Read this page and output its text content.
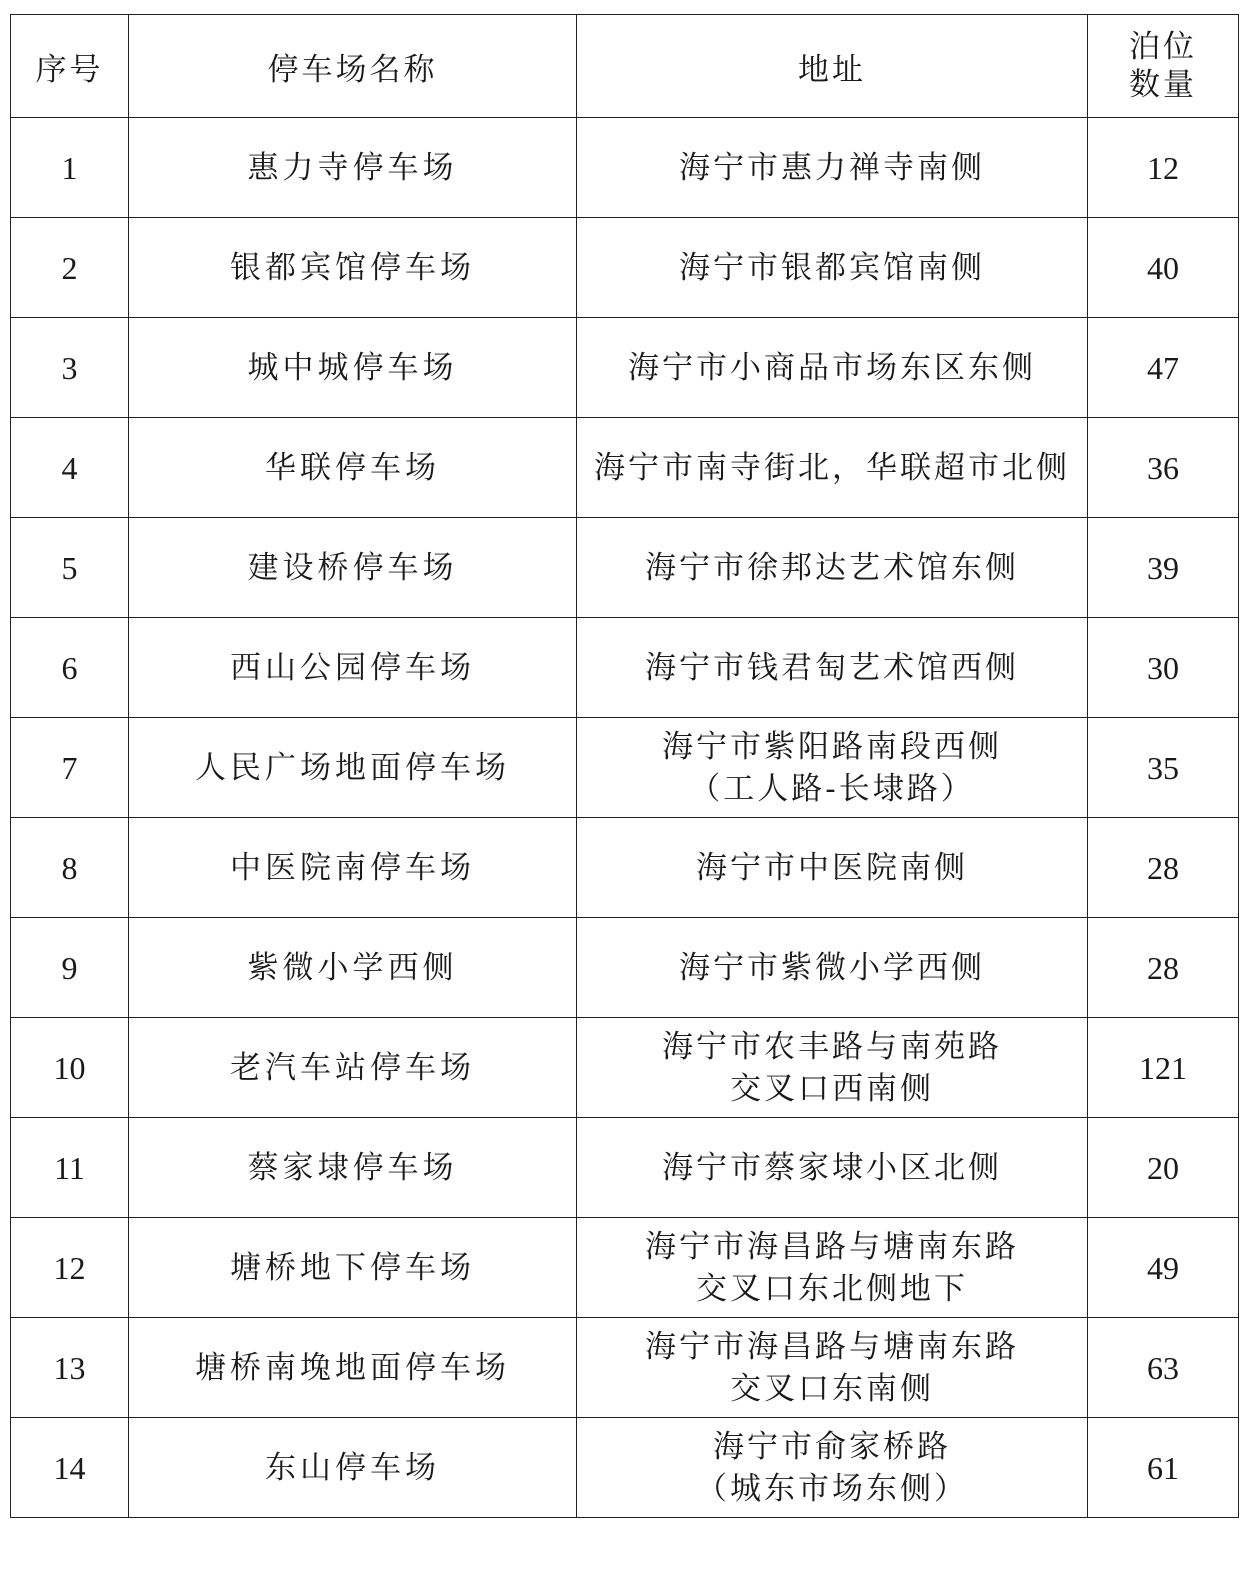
序号	停车场名称	地址	泊位
数量

1	惠力寺停车场	海宁市惠力禅寺南侧	12
2	银都宾馆停车场	海宁市银都宾馆南侧	40
3	城中城停车场	海宁市小商品市场东区东侧	47
4	华联停车场	海宁市南寺街北，华联超市北侧	36
5	建设桥停车场	海宁市徐邦达艺术馆东侧	39
6	西山公园停车场	海宁市钱君匋艺术馆西侧	30
7	人民广场地面停车场	海宁市紫阳路南段西侧
（工人路-长埭路）	35
8	中医院南停车场	海宁市中医院南侧	28
9	紫微小学西侧	海宁市紫微小学西侧	28
10	老汽车站停车场	海宁市农丰路与南苑路
交叉口西南侧	121
11	蔡家埭停车场	海宁市蔡家埭小区北侧	20
12	塘桥地下停车场	海宁市海昌路与塘南东路
交叉口东北侧地下	49
13	塘桥南堍地面停车场	海宁市海昌路与塘南东路
交叉口东南侧	63
14	东山停车场	海宁市俞家桥路
（城东市场东侧）	61
